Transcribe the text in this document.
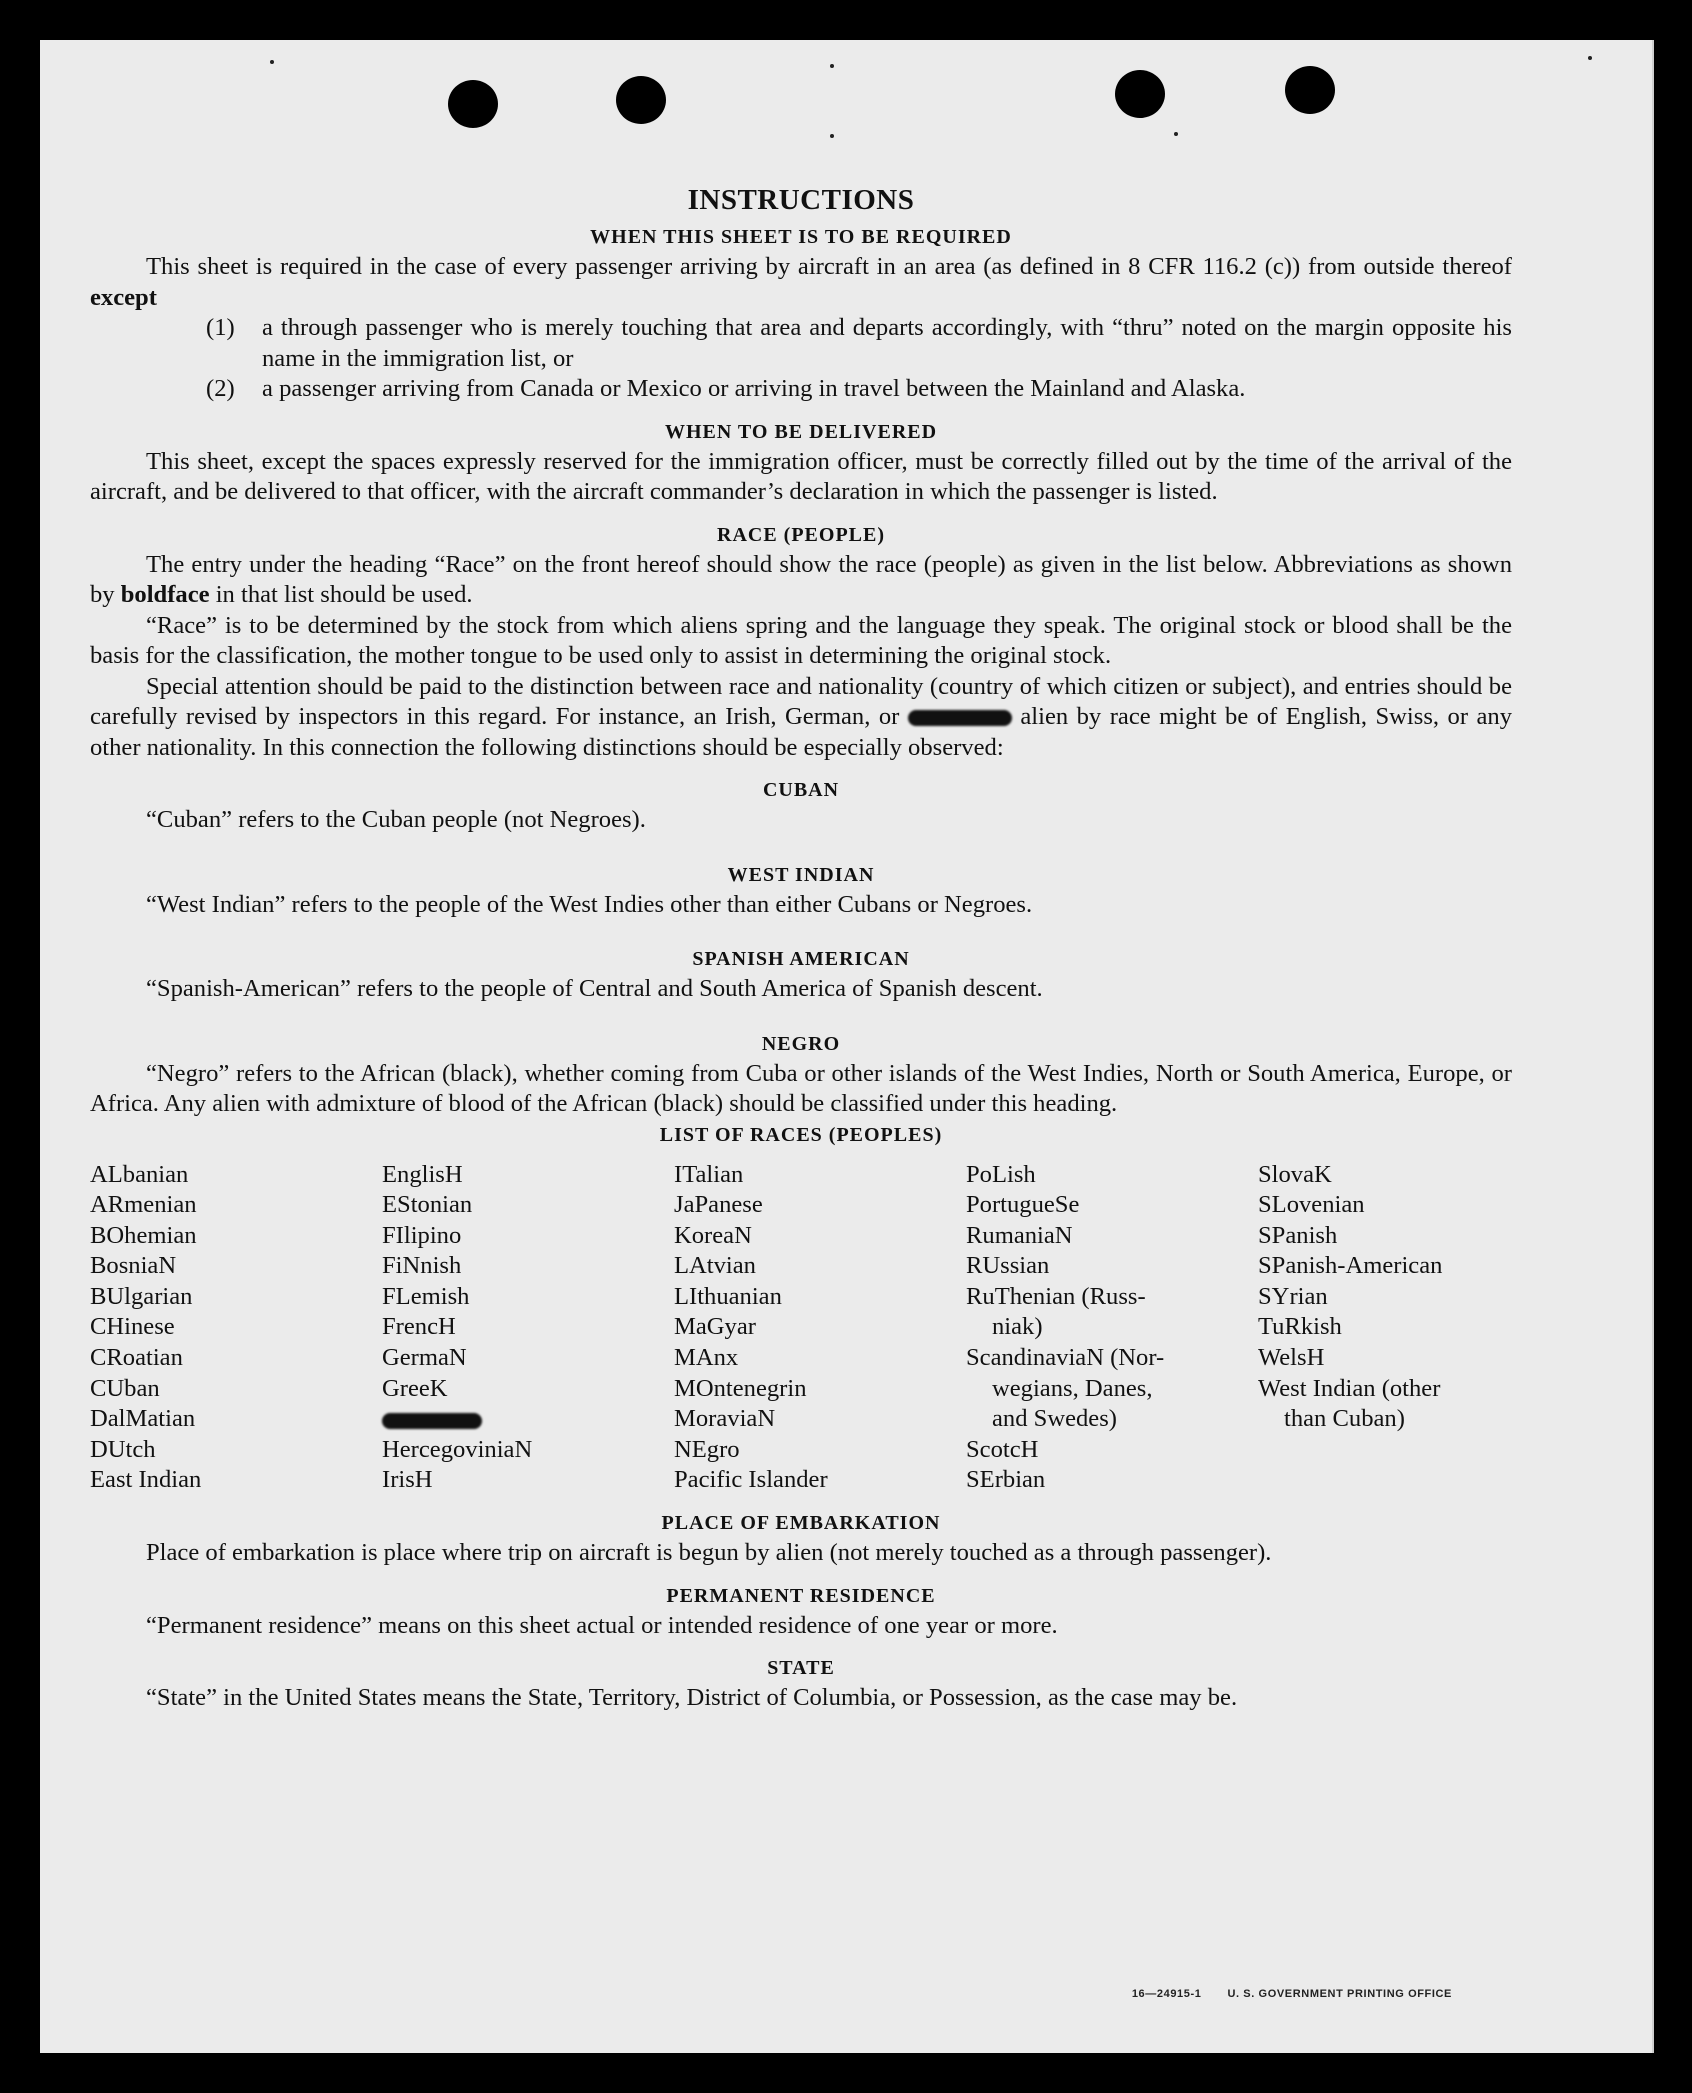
INSTRUCTIONS
WHEN THIS SHEET IS TO BE REQUIRED

This sheet is required in the case of every passenger arriving by aircraft in an area (as defined in 8 CFR 116.2 (c)) from outside thereof except

(1) a through passenger who is merely touching that area and departs accordingly, with “thru” noted on the margin opposite his name in the immigration list, or

(2) a passenger arriving from Canada or Mexico or arriving in travel between the Mainland and Alaska.

WHEN TO BE DELIVERED

This sheet, except the spaces expressly reserved for the immigration officer, must be correctly filled out by the time of the arrival of the aircraft, and be delivered to that officer, with the aircraft commander’s declaration in which the passenger is listed.

RACE (PEOPLE)

The entry under the heading “Race” on the front hereof should show the race (people) as given in the list below. Abbreviations as shown by boldface in that list should be used.

“Race” is to be determined by the stock from which aliens spring and the language they speak. The original stock or blood shall be the basis for the classification, the mother tongue to be used only to assist in determining the original stock.

Special attention should be paid to the distinction between race and nationality (country of which citizen or subject), and entries should be carefully revised by inspectors in this regard. For instance, an Irish, German, or	alien by race might be of English, Swiss, or any other nationality. In this connection the following distinctions should be especially observed:

CUBAN

“Cuban” refers to the Cuban people (not Negroes).

WEST INDIAN

“West Indian” refers to the people of the West Indies other than either Cubans or Negroes.

SPANISH AMERICAN

“Spanish-American” refers to the people of Central and South America of Spanish descent.

NEGRO

“Negro” refers to the African (black), whether coming from Cuba or other islands of the West Indies, North or South America, Europe, or Africa. Any alien with admixture of blood of the African (black) should be classified under this heading.

LIST OF RACES (PEOPLES)
ALbanian
ARmenian
BOhemian
BosniaN
BUlgarian
CHinese
CRoatian
CUban
DalMatian
DUtch
East Indian
EnglisH
EStonian
FIlipino
FiNnish
FLemish
FrencH
GermaN
GreeK
HercegoviniaN
IrisH
ITalian
JaPanese
KoreaN
LAtvian
LIthuanian
MaGyar
MAnx
MOntenegrin
MoraviaN
NEgro
Pacific Islander
PoLish
PortugueSe
RumaniaN
RUssian
RuThenian (Russ-
niak)
ScandinaviaN (Nor-
wegians, Danes,
and Swedes)
ScotcH
SErbian
SlovaK
SLovenian
SPanish
SPanish-American
SYrian
TuRkish
WelsH
West Indian (other
than Cuban)
PLACE OF EMBARKATION

Place of embarkation is place where trip on aircraft is begun by alien (not merely touched as a through passenger).

PERMANENT RESIDENCE

“Permanent residence” means on this sheet actual or intended residence of one year or more.

STATE

“State” in the United States means the State, Territory, District of Columbia, or Possession, as the case may be.

16—24915-1 U. S. GOVERNMENT PRINTING OFFICE
